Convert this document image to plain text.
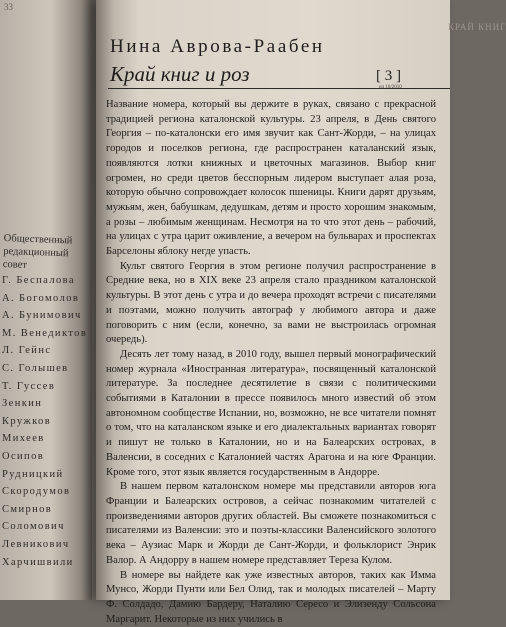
33
Общественный редакционный совет
Г. Беспалова
А. Богомолов
А. Бунимович
М. Венедиктов
Л. Гейнс
С. Голышев
Т. Гуссев
Зенкин
Кружков
Михеев
Осипов
Рудницкий
Скородумов
Смирнов
Соломович
Левникович
Харчишвили
КРАЙ КНИГ
Нина Аврова-Раабен
Край книг и роз	[ 3 ]

Название номера, который вы держите в руках, связано с прекрасной традицией региона каталонской культуры. 23 апреля, в День святого Георгия – по-каталонски его имя звучит как Сант-Жорди, – на улицах городов и поселков региона, где распространен каталанский язык, появляются лотки книжных и цветочных магазинов. Выбор книг огромен, но среди цветов бесспорным лидером выступает алая роза, которую обычно сопровождает колосок пшеницы. Книги дарят друзьям, мужьям, жен, бабушкам, дедушкам, детям и просто хорошим знакомым, а розы – любимым женщинам. Несмотря на то что этот день – рабочий, на улицах с утра царит оживление, а вечером на бульварах и проспектах Барселоны яблоку негде упасть.

Культ святого Георгия в этом регионе получил распространение в Средние века, но в XIX веке 23 апреля стало праздником каталонской культуры. В этот день с утра и до вечера проходят встречи с писателями и поэтами, можно получить автограф у любимого автора и даже поговорить с ним (если, конечно, за вами не выстроилась огромная очередь).

Десять лет тому назад, в 2010 году, вышел первый монографический номер журнала «Иностранная литература», посвященный каталонской литературе. За последнее десятилетие в связи с политическими событиями в Каталонии в прессе появилось много известий об этом автономном сообществе Испании, но, возможно, не все читатели помнят о том, что на каталанском языке и его диалектальных вариантах говорят и пишут не только в Каталонии, но и на Балеарских островах, в Валенсии, в соседних с Каталонией частях Арагона и на юге Франции. Кроме того, этот язык является государственным в Андорре.

В нашем первом каталонском номере мы представили авторов юга Франции и Балеарских островов, а сейчас познакомим читателей с произведениями авторов других областей. Вы сможете познакомиться с писателями из Валенсии: это и поэты-классики Валенсийского золотого века – Аузиас Марк и Жорди де Сант-Жорди, и фольклорист Энрик Валор. А Андорру в нашем номере представляет Тереза Кулом.

В номере вы найдете как уже известных авторов, таких как Имма Мунсо, Жорди Пунти или Бел Олид, так и молодых писателей – Марту Ф. Солдадо, Дамию Бардеру, Наталию Сересо и Элизенду Сольсона Маргарит. Некоторые из них учились в
